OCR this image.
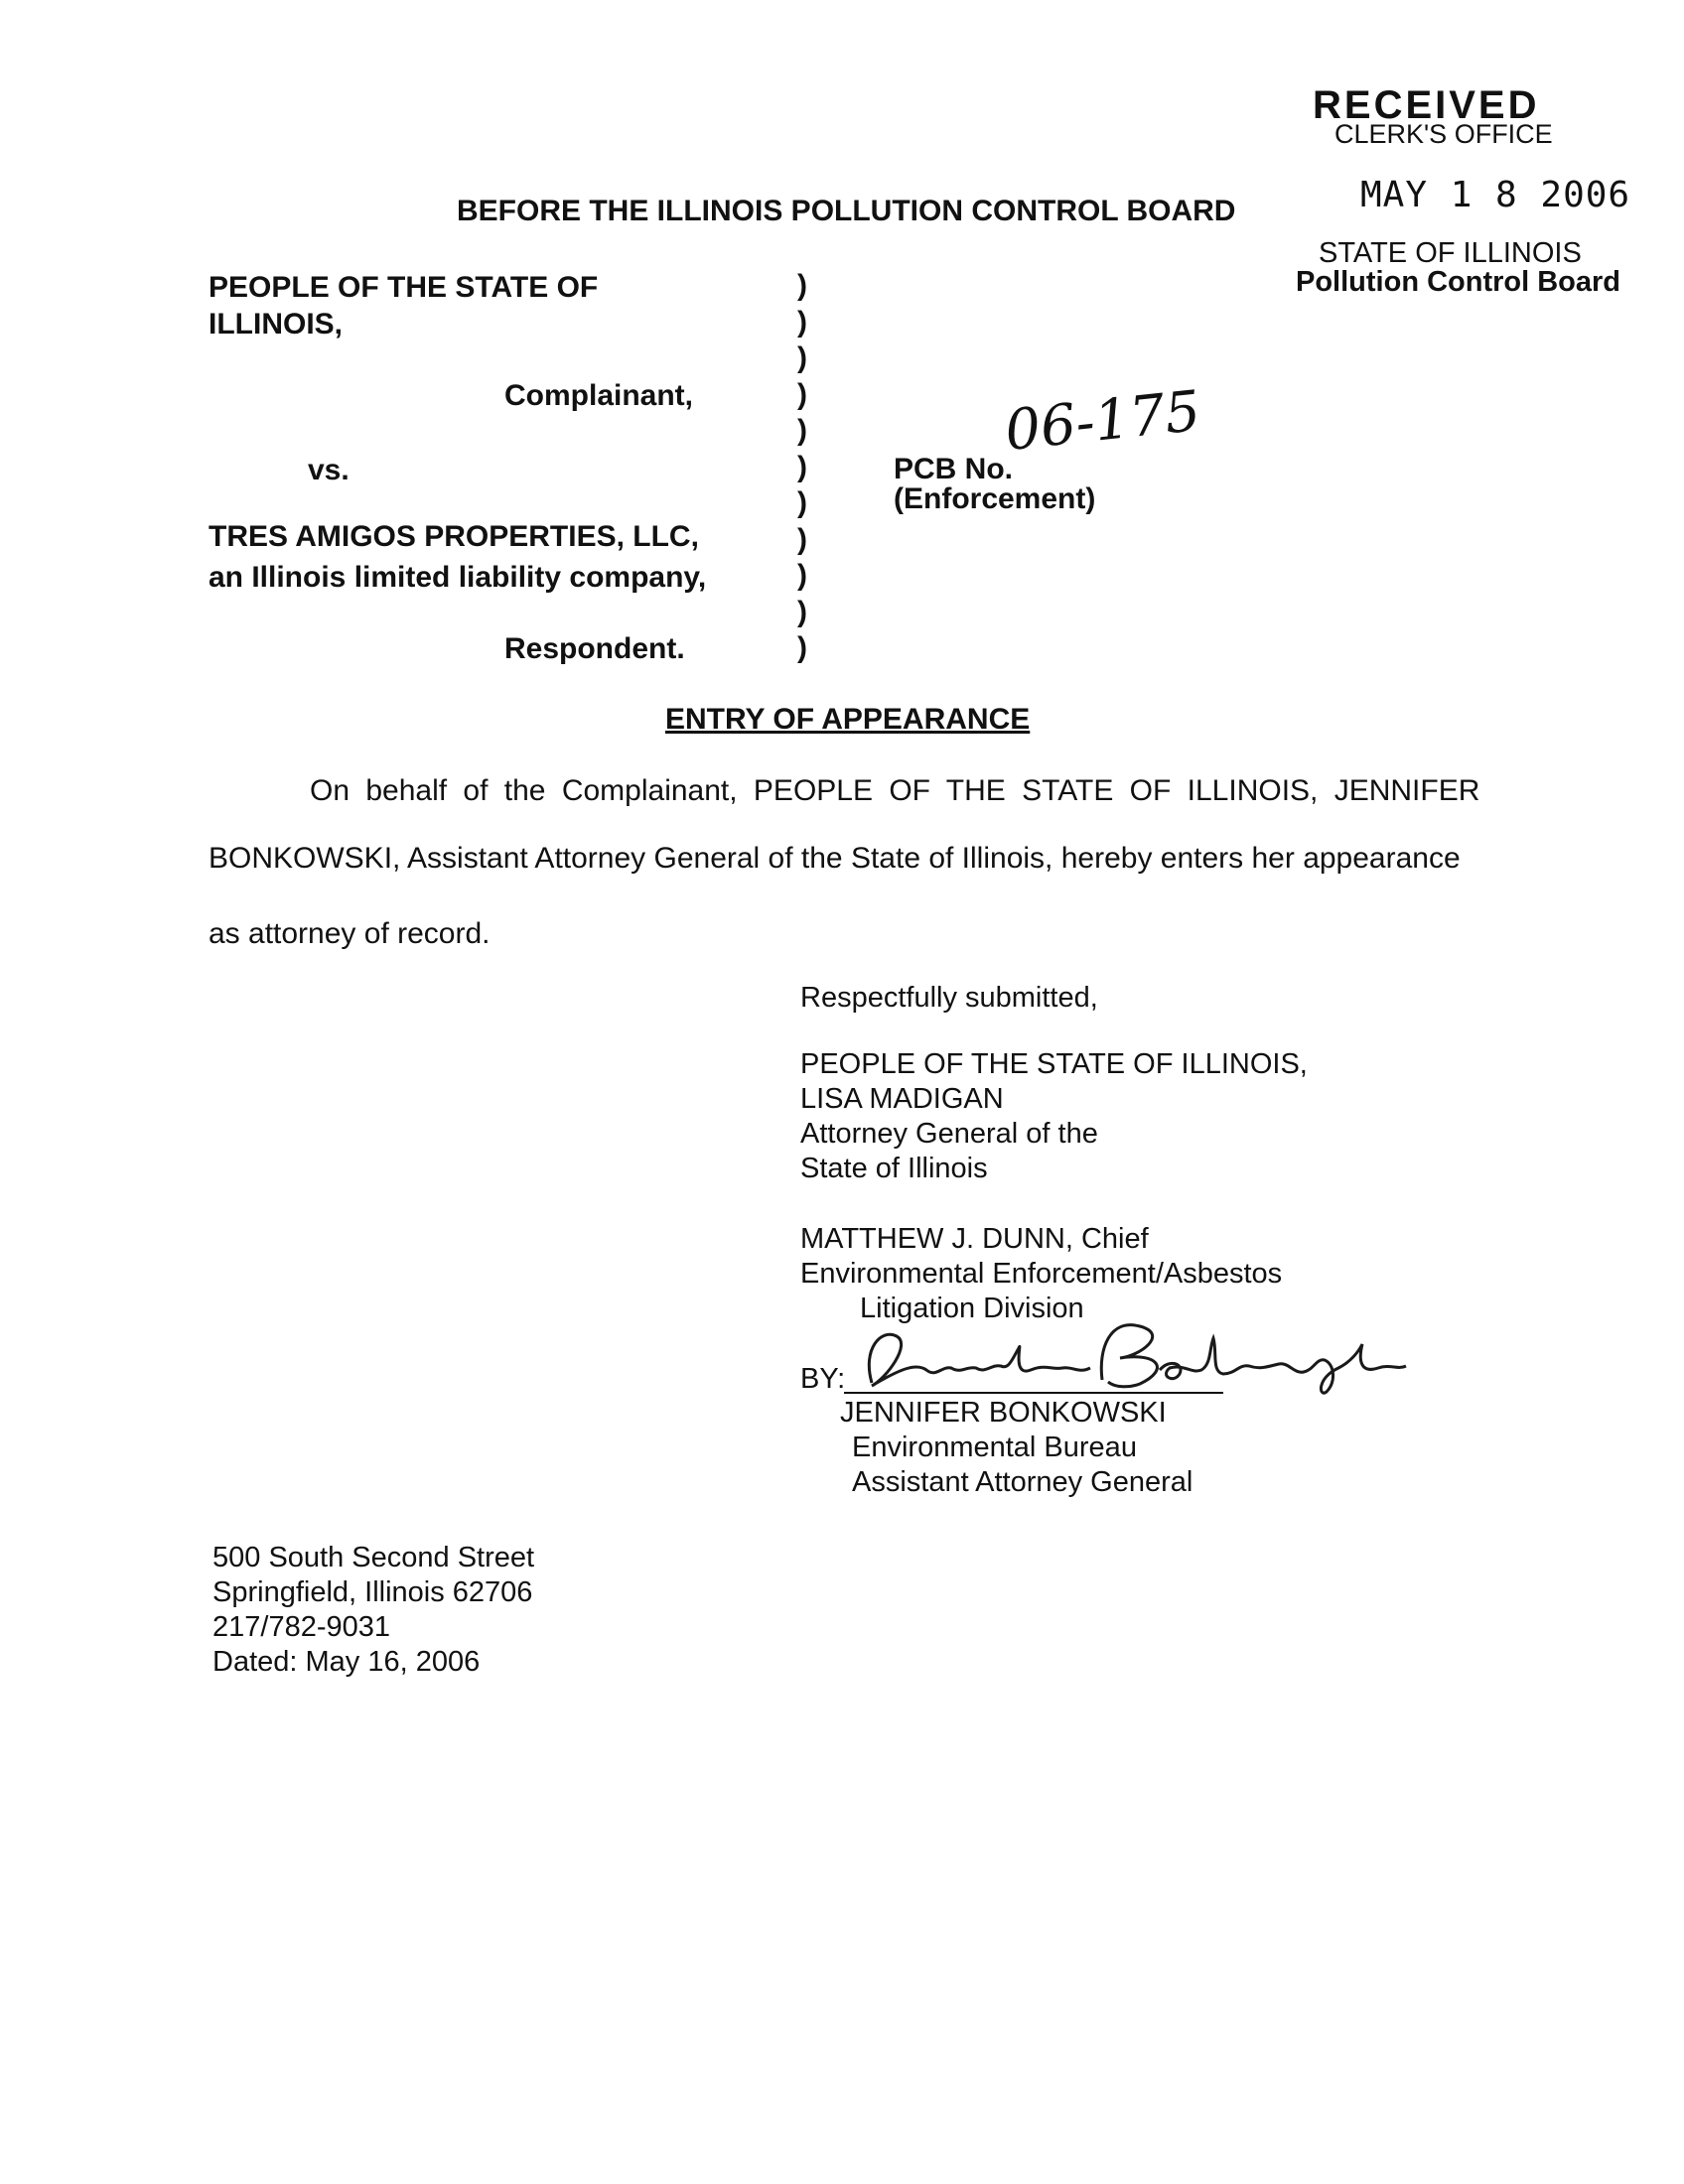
RECEIVED
CLERK'S OFFICE
MAY 1 8 2006
STATE OF ILLINOIS
Pollution Control Board
BEFORE THE ILLINOIS POLLUTION CONTROL BOARD
PEOPLE OF THE STATE OF
ILLINOIS,
Complainant,
vs.
TRES AMIGOS PROPERTIES, LLC,
an Illinois limited liability company,
Respondent.
)
)
)
)
)
)
)
)
)
)
)
PCB No.
06-175
(Enforcement)
ENTRY OF APPEARANCE
On behalf of the Complainant, PEOPLE OF THE STATE OF ILLINOIS, JENNIFER
BONKOWSKI, Assistant Attorney General of the State of Illinois, hereby enters her appearance
as attorney of record.
Respectfully submitted,
PEOPLE OF THE STATE OF ILLINOIS,
LISA MADIGAN
Attorney General of the
State of Illinois
MATTHEW J. DUNN, Chief
Environmental Enforcement/Asbestos
Litigation Division
BY:
JENNIFER BONKOWSKI
Environmental Bureau
Assistant Attorney General
500 South Second Street
Springfield, Illinois 62706
217/782-9031
Dated: May 16, 2006
